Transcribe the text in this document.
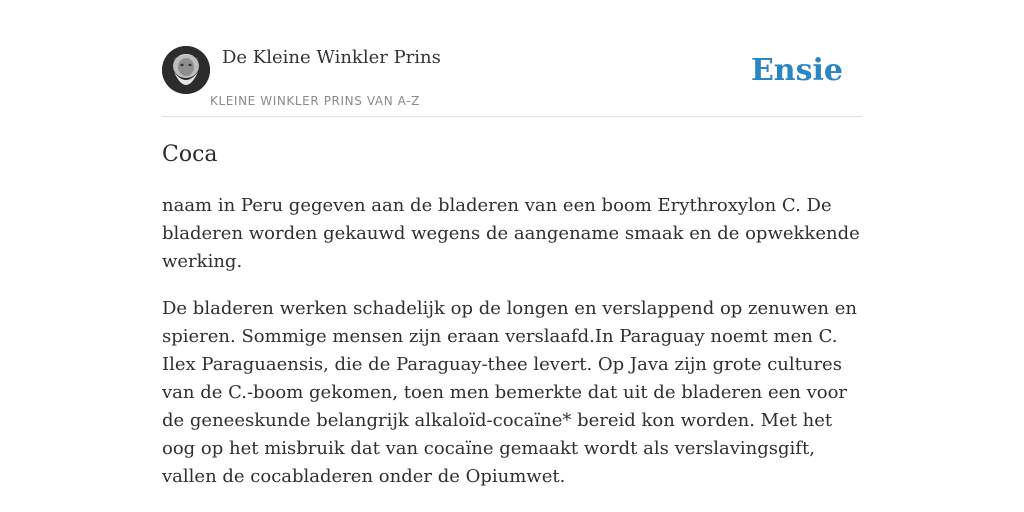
De Kleine Winkler Prins
KLEINE WINKLER PRINS VAN A-Z
Ensie
Coca

naam in Peru gegeven aan de bladeren van een boom Erythroxylon C. De bladeren worden gekauwd wegens de aangename smaak en de opwekkende werking.

De bladeren werken schadelijk op de longen en verslappend op zenuwen en spieren. Sommige mensen zijn eraan verslaafd.In Paraguay noemt men C. Ilex Paraguaensis, die de Paraguay-thee levert. Op Java zijn grote cultures van de C.-boom gekomen, toen men bemerkte dat uit de bladeren een voor de geneeskunde belangrijk alkaloïd-cocaïne* bereid kon worden. Met het oog op het misbruik dat van cocaïne gemaakt wordt als verslavingsgift, vallen de cocabladeren onder de Opiumwet.
